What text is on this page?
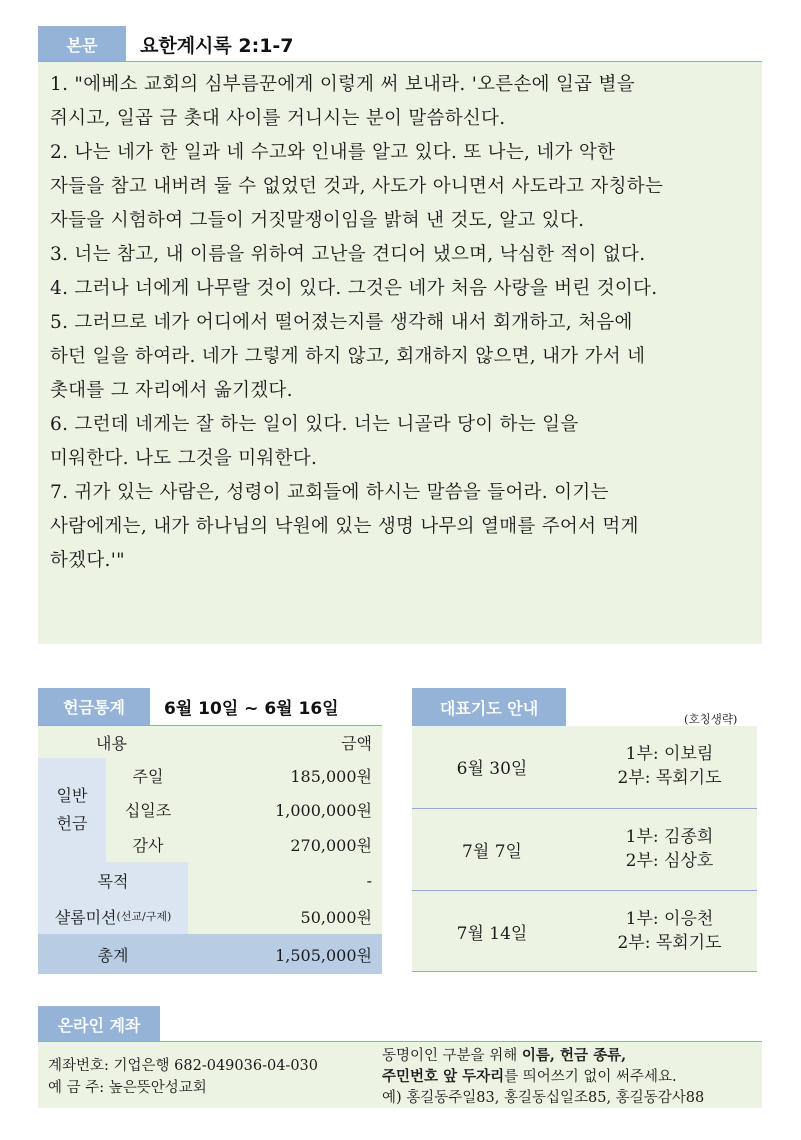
본문 요한계시록 2:1-7
1. "에베소 교회의 심부름꾼에게 이렇게 써 보내라. '오른손에 일곱 별을
쥐시고, 일곱 금 촛대 사이를 거니시는 분이 말씀하신다.
2. 나는 네가 한 일과 네 수고와 인내를 알고 있다. 또 나는, 네가 악한
자들을 참고 내버려 둘 수 없었던 것과, 사도가 아니면서 사도라고 자칭하는
자들을 시험하여 그들이 거짓말쟁이임을 밝혀 낸 것도, 알고 있다.
3. 너는 참고, 내 이름을 위하여 고난을 견디어 냈으며, 낙심한 적이 없다.
4. 그러나 너에게 나무랄 것이 있다. 그것은 네가 처음 사랑을 버린 것이다.
5. 그러므로 네가 어디에서 떨어졌는지를 생각해 내서 회개하고, 처음에
하던 일을 하여라. 네가 그렇게 하지 않고, 회개하지 않으면, 내가 가서 네
촛대를 그 자리에서 옮기겠다.
6. 그런데 네게는 잘 하는 일이 있다. 너는 니골라 당이 하는 일을
미워한다. 나도 그것을 미워한다.
7. 귀가 있는 사람은, 성령이 교회들에 하시는 말씀을 들어라. 이기는
사람에게는, 내가 하나님의 낙원에 있는 생명 나무의 열매를 주어서 먹게
하겠다.'"
헌금통계 6월 10일 ~ 6월 16일
내용	금액
일반
헌금
주일	185,000원
십일조	1,000,000원
감사	270,000원
목적	-
샬롬미션 (선교/구제)	50,000원
총계	1,505,000원
대표기도 안내
(호칭생략)
6월 30일
1부: 이보림
2부: 목회기도
7월 7일
1부: 김종희
2부: 심상호
7월 14일
1부: 이응천
2부: 목회기도
온라인 계좌
계좌번호: 기업은행 682-049036-04-030
예 금 주: 높은뜻안성교회
동명이인 구분을 위해 이름, 헌금 종류,
주민번호 앞 두자리를 띄어쓰기 없이 써주세요.
예) 홍길동주일83, 홍길동십일조85, 홍길동감사88
